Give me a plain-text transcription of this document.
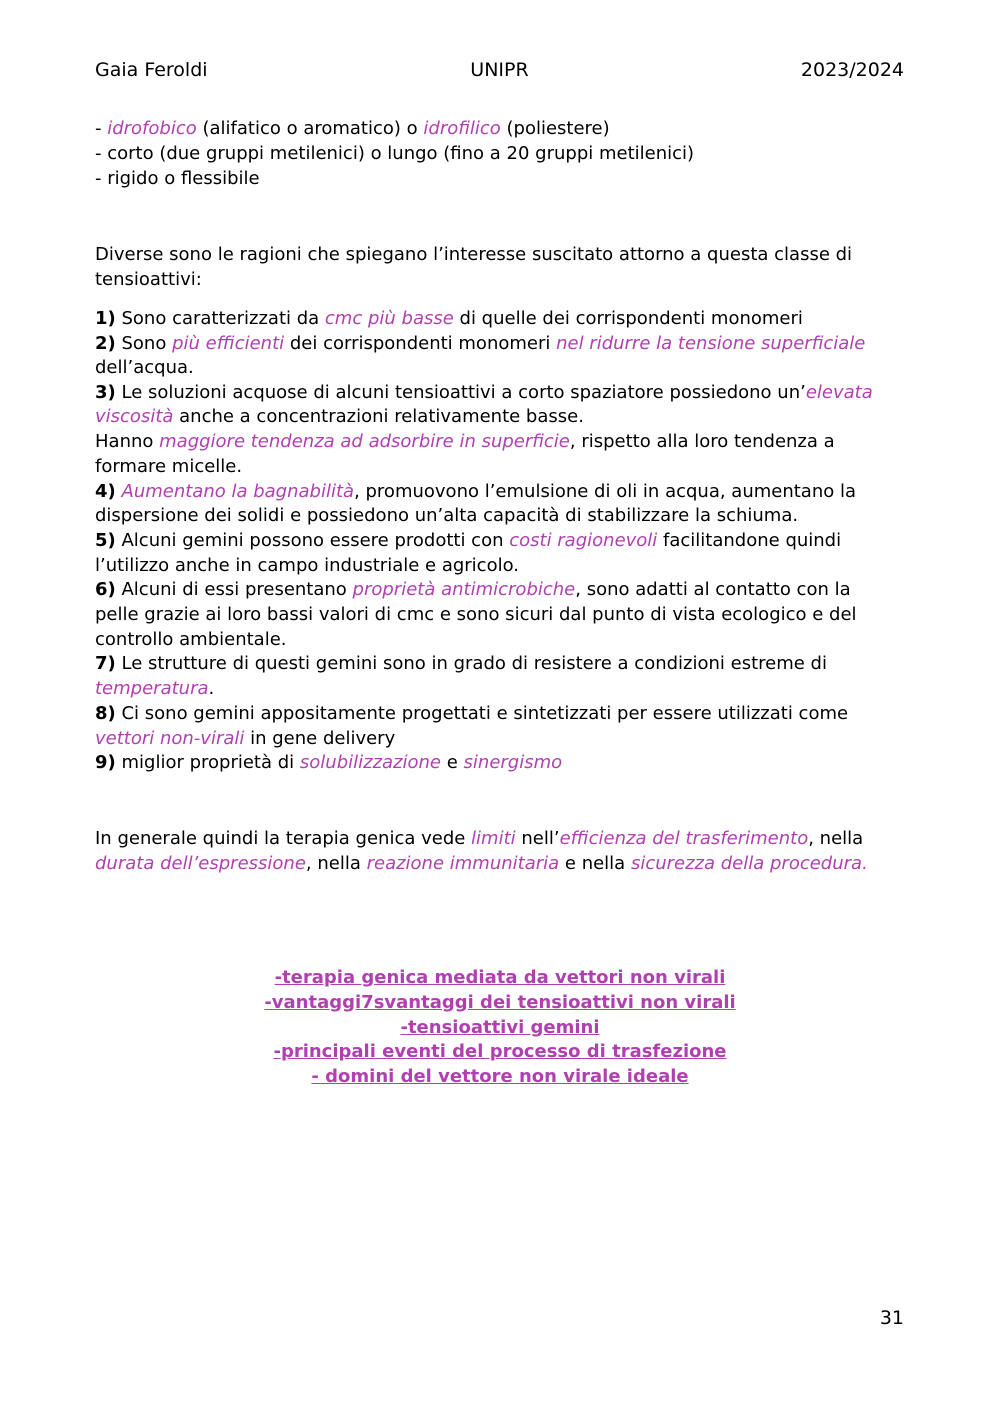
Gaia Feroldi	UNIPR	2023/2024
- idrofobico (alifatico o aromatico) o idrofilico (poliestere)
- corto (due gruppi metilenici) o lungo (fino a 20 gruppi metilenici)
- rigido o flessibile
Diverse sono le ragioni che spiegano l’interesse suscitato attorno a questa classe di
tensioattivi:
1) Sono caratterizzati da cmc più basse di quelle dei corrispondenti monomeri
2) Sono più efficienti dei corrispondenti monomeri nel ridurre la tensione superficiale
dell’acqua.
3) Le soluzioni acquose di alcuni tensioattivi a corto spaziatore possiedono un’elevata
viscosità anche a concentrazioni relativamente basse.
Hanno maggiore tendenza ad adsorbire in superficie, rispetto alla loro tendenza a
formare micelle.
4) Aumentano la bagnabilità, promuovono l’emulsione di oli in acqua, aumentano la
dispersione dei solidi e possiedono un’alta capacità di stabilizzare la schiuma.
5) Alcuni gemini possono essere prodotti con costi ragionevoli facilitandone quindi
l’utilizzo anche in campo industriale e agricolo.
6) Alcuni di essi presentano proprietà antimicrobiche, sono adatti al contatto con la
pelle grazie ai loro bassi valori di cmc e sono sicuri dal punto di vista ecologico e del
controllo ambientale.
7) Le strutture di questi gemini sono in grado di resistere a condizioni estreme di
temperatura.
8) Ci sono gemini appositamente progettati e sintetizzati per essere utilizzati come
vettori non-virali in gene delivery
9) miglior proprietà di solubilizzazione e sinergismo
In generale quindi la terapia genica vede limiti nell’efficienza del trasferimento, nella
durata dell’espressione, nella reazione immunitaria e nella sicurezza della procedura.
-terapia genica mediata da vettori non virali
-vantaggi7svantaggi dei tensioattivi non virali
-tensioattivi gemini
-principali eventi del processo di trasfezione
- domini del vettore non virale ideale
31
